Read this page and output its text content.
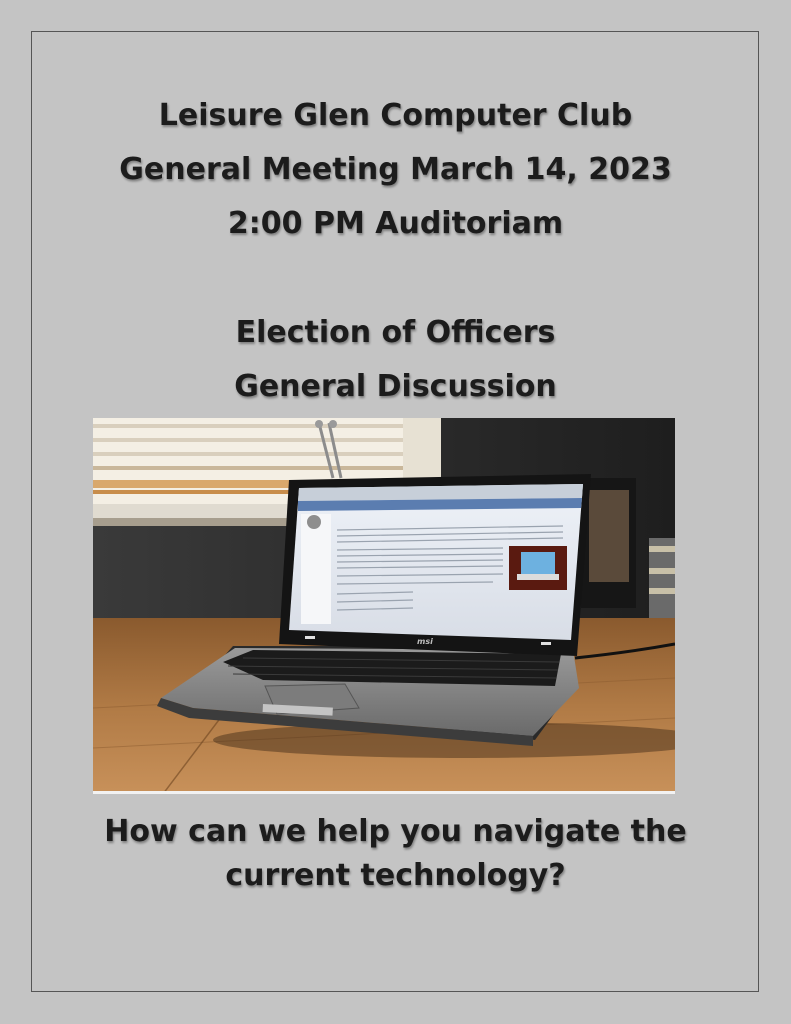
Leisure Glen Computer Club
General Meeting March 14, 2023
2:00 PM Auditoriam
Election of Officers
General Discussion
msi
How can we help you navigate the
current technology?
